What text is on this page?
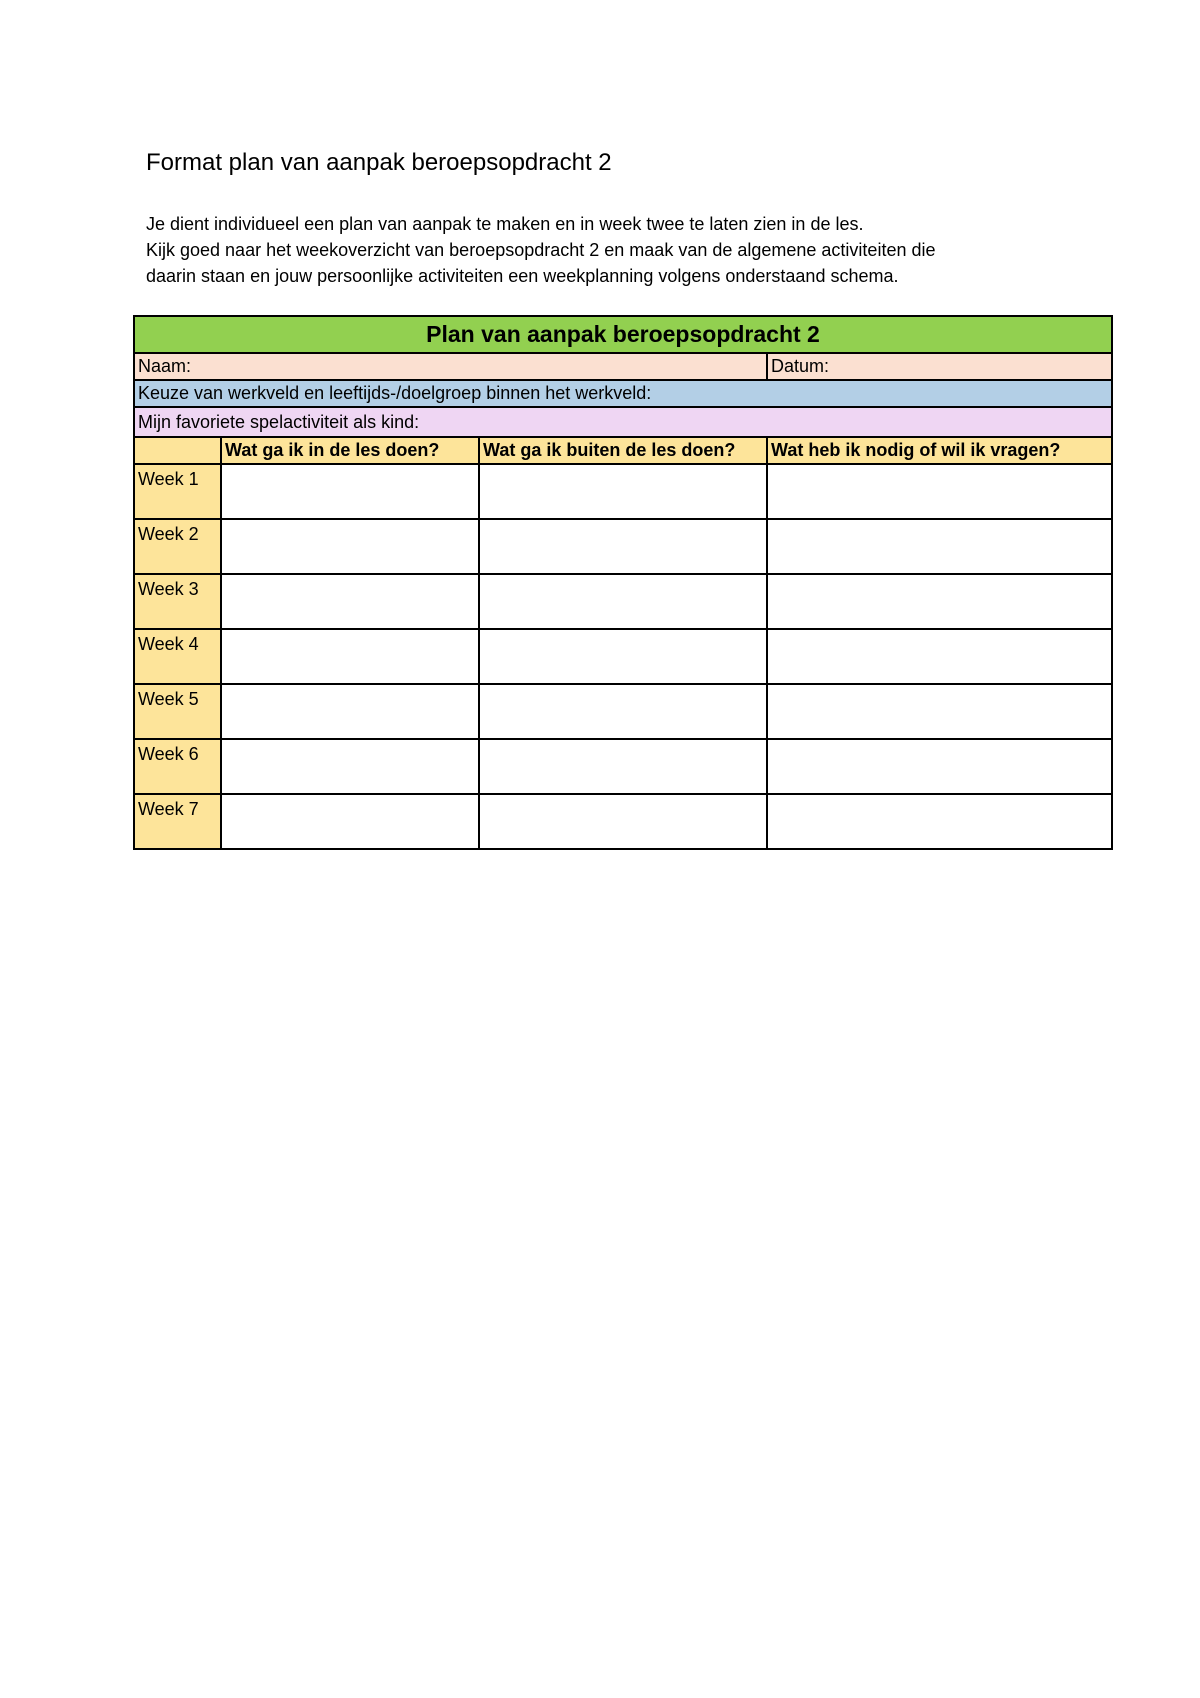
Format plan van aanpak beroepsopdracht 2

Je dient individueel een plan van aanpak te maken en in week twee te laten zien in de les.

Kijk goed naar het weekoverzicht van beroepsopdracht 2 en maak van de algemene activiteiten die

daarin staan en jouw persoonlijke activiteiten een weekplanning volgens onderstaand schema.

Plan van aanpak beroepsopdracht 2			
Naam:			Datum:
Keuze van werkveld en leeftijds-/doelgroep binnen het werkveld:			
Mijn favoriete spelactiviteit als kind:			
	Wat ga ik in de les doen?	Wat ga ik buiten de les doen?	Wat heb ik nodig of wil ik vragen?
Week 1			
Week 2			
Week 3			
Week 4			
Week 5			
Week 6			
Week 7			
